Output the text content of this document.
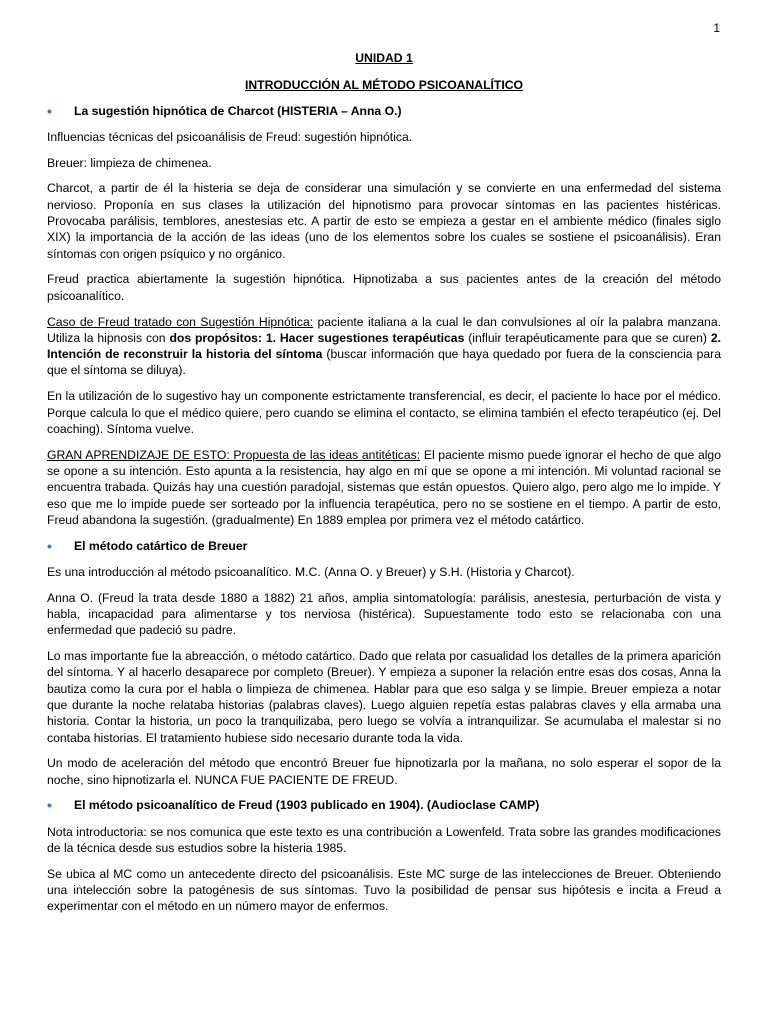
1
UNIDAD 1
INTRODUCCIÓN AL MÉTODO PSICOANALÍTICO
• La sugestión hipnótica de Charcot (HISTERIA – Anna O.)

Influencias técnicas del psicoanálisis de Freud: sugestión hipnótica.

Breuer: limpieza de chimenea.

Charcot, a partir de él la histeria se deja de considerar una simulación y se convierte en una enfermedad del sistema nervioso. Proponía en sus clases la utilización del hipnotismo para provocar síntomas en las pacientes histéricas. Provocaba parálisis, temblores, anestesias etc. A partir de esto se empieza a gestar en el ambiente médico (finales siglo XIX) la importancia de la acción de las ideas (uno de los elementos sobre los cuales se sostiene el psicoanálisis). Eran síntomas con origen psíquico y no orgánico.

Freud practica abiertamente la sugestión hipnótica. Hipnotizaba a sus pacientes antes de la creación del método psicoanalítico.

Caso de Freud tratado con Sugestión Hipnótica: paciente italiana a la cual le dan convulsiones al oír la palabra manzana. Utiliza la hipnosis con dos propósitos: 1. Hacer sugestiones terapéuticas (influir terapéuticamente para que se curen) 2. Intención de reconstruir la historia del síntoma (buscar información que haya quedado por fuera de la consciencia para que el síntoma se diluya).

En la utilización de lo sugestivo hay un componente estrictamente transferencial, es decir, el paciente lo hace por el médico. Porque calcula lo que el médico quiere, pero cuando se elimina el contacto, se elimina también el efecto terapéutico (ej. Del coaching). Síntoma vuelve.

GRAN APRENDIZAJE DE ESTO: Propuesta de las ideas antitéticas: El paciente mismo puede ignorar el hecho de que algo se opone a su intención. Esto apunta a la resistencia, hay algo en mí que se opone a mi intención. Mi voluntad racional se encuentra trabada. Quizás hay una cuestión paradojal, sistemas que están opuestos. Quiero algo, pero algo me lo impide. Y eso que me lo impide puede ser sorteado por la influencia terapéutica, pero no se sostiene en el tiempo. A partir de esto, Freud abandona la sugestión. (gradualmente) En 1889 emplea por primera vez el método catártico.

• El método catártico de Breuer

Es una introducción al método psicoanalítico. M.C. (Anna O. y Breuer) y S.H. (Historia y Charcot).

Anna O. (Freud la trata desde 1880 a 1882) 21 años, amplia sintomatología: parálisis, anestesia, perturbación de vista y habla, incapacidad para alimentarse y tos nerviosa (histérica). Supuestamente todo esto se relacionaba con una enfermedad que padeció su padre.

Lo mas importante fue la abreacción, o método catártico. Dado que relata por casualidad los detalles de la primera aparición del síntoma. Y al hacerlo desaparece por completo (Breuer). Y empieza a suponer la relación entre esas dos cosas, Anna la bautiza como la cura por el habla o limpieza de chimenea. Hablar para que eso salga y se limpie. Breuer empieza a notar que durante la noche relataba historias (palabras claves). Luego alguien repetía estas palabras claves y ella armaba una historia. Contar la historia, un poco la tranquilizaba, pero luego se volvía a intranquilizar. Se acumulaba el malestar si no contaba historias. El tratamiento hubiese sido necesario durante toda la vida.

Un modo de aceleración del método que encontró Breuer fue hipnotizarla por la mañana, no solo esperar el sopor de la noche, sino hipnotizarla el. NUNCA FUE PACIENTE DE FREUD.

• El método psicoanalítico de Freud (1903 publicado en 1904). (Audioclase CAMP)

Nota introductoria: se nos comunica que este texto es una contribución a Lowenfeld. Trata sobre las grandes modificaciones de la técnica desde sus estudios sobre la histeria 1985.

Se ubica al MC como un antecedente directo del psicoanálisis. Este MC surge de las intelecciones de Breuer. Obteniendo una intelección sobre la patogénesis de sus síntomas. Tuvo la posibilidad de pensar sus hipótesis e incita a Freud a experimentar con el método en un número mayor de enfermos.
